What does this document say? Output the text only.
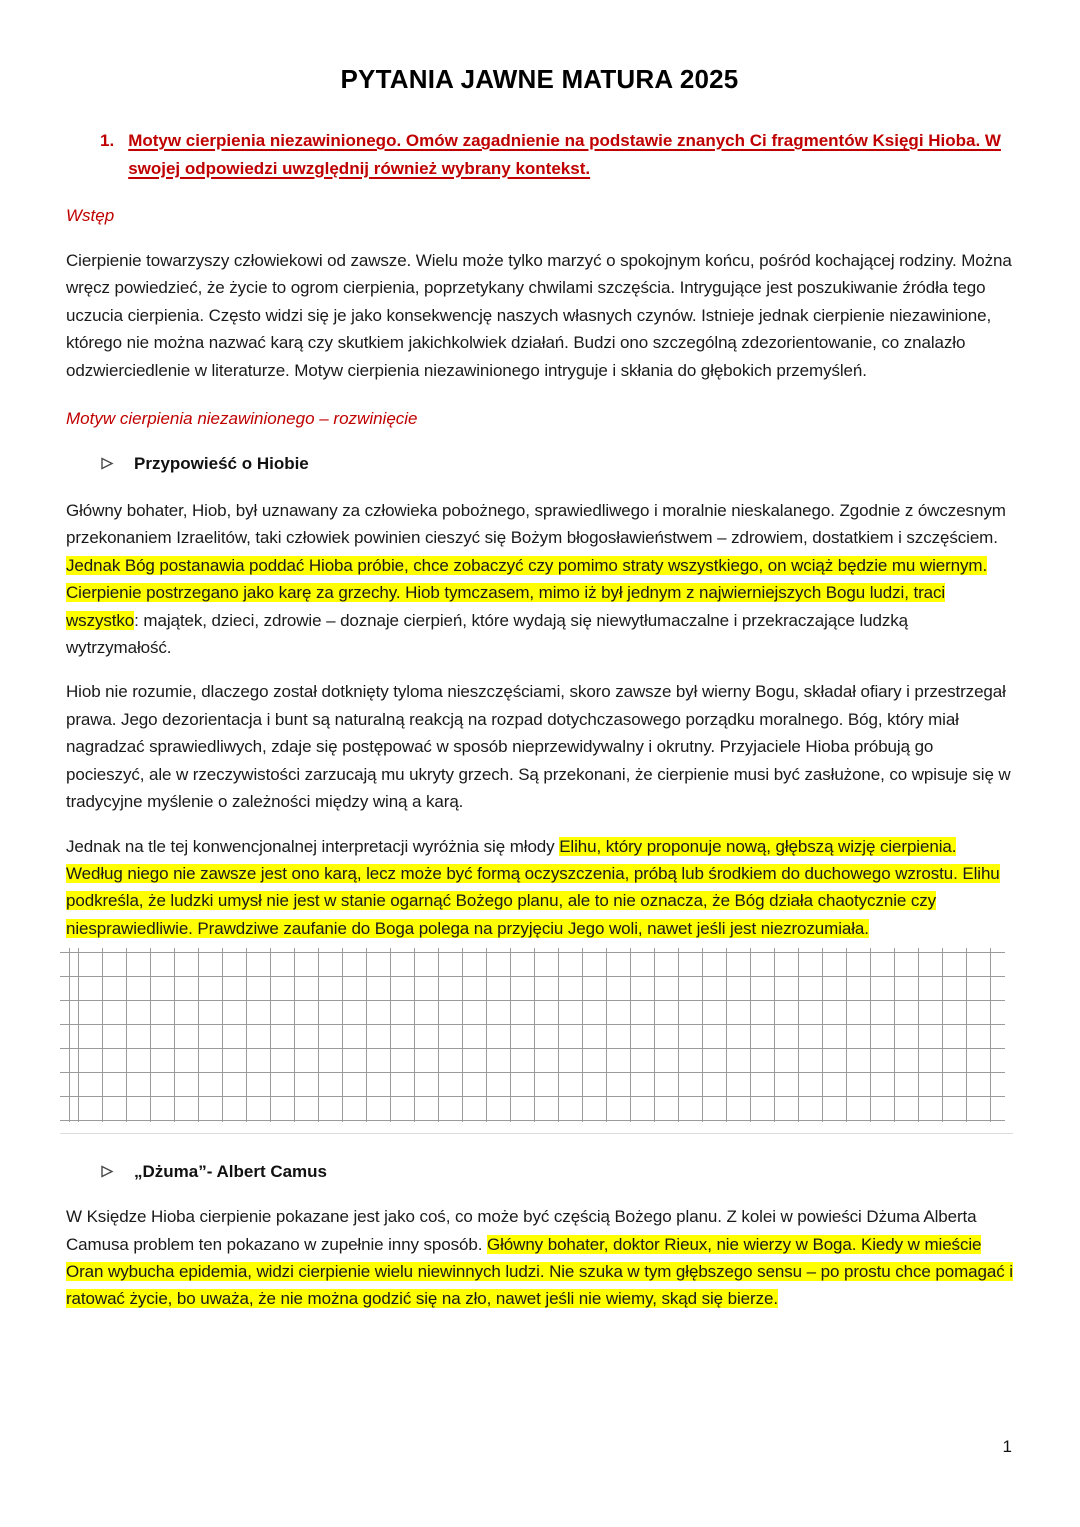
PYTANIA JAWNE MATURA 2025
1. Motyw cierpienia niezawinionego. Omów zagadnienie na podstawie znanych Ci fragmentów Księgi Hioba. W swojej odpowiedzi uwzględnij również wybrany kontekst.
Wstęp

Cierpienie towarzyszy człowiekowi od zawsze. Wielu może tylko marzyć o spokojnym końcu, pośród kochającej rodziny. Można wręcz powiedzieć, że życie to ogrom cierpienia, poprzetykany chwilami szczęścia. Intrygujące jest poszukiwanie źródła tego uczucia cierpienia. Często widzi się je jako konsekwencję naszych własnych czynów. Istnieje jednak cierpienie niezawinione, którego nie można nazwać karą czy skutkiem jakichkolwiek działań. Budzi ono szczególną zdezorientowanie, co znalazło odzwierciedlenie w literaturze. Motyw cierpienia niezawinionego intryguje i skłania do głębokich przemyśleń.

Motyw cierpienia niezawinionego – rozwinięcie
Przypowieść o Hiobie

Główny bohater, Hiob, był uznawany za człowieka pobożnego, sprawiedliwego i moralnie nieskalanego. Zgodnie z ówczesnym przekonaniem Izraelitów, taki człowiek powinien cieszyć się Bożym błogosławieństwem – zdrowiem, dostatkiem i szczęściem. Jednak Bóg postanawia poddać Hioba próbie, chce zobaczyć czy pomimo straty wszystkiego, on wciąż będzie mu wiernym. Cierpienie postrzegano jako karę za grzechy. Hiob tymczasem, mimo iż był jednym z najwierniejszych Bogu ludzi, traci wszystko: majątek, dzieci, zdrowie – doznaje cierpień, które wydają się niewytłumaczalne i przekraczające ludzką wytrzymałość.

Hiob nie rozumie, dlaczego został dotknięty tyloma nieszczęściami, skoro zawsze był wierny Bogu, składał ofiary i przestrzegał prawa. Jego dezorientacja i bunt są naturalną reakcją na rozpad dotychczasowego porządku moralnego. Bóg, który miał nagradzać sprawiedliwych, zdaje się postępować w sposób nieprzewidywalny i okrutny. Przyjaciele Hioba próbują go pocieszyć, ale w rzeczywistości zarzucają mu ukryty grzech. Są przekonani, że cierpienie musi być zasłużone, co wpisuje się w tradycyjne myślenie o zależności między winą a karą.

Jednak na tle tej konwencjonalnej interpretacji wyróżnia się młody Elihu, który proponuje nową, głębszą wizję cierpienia. Według niego nie zawsze jest ono karą, lecz może być formą oczyszczenia, próbą lub środkiem do duchowego wzrostu. Elihu podkreśla, że ludzki umysł nie jest w stanie ogarnąć Bożego planu, ale to nie oznacza, że Bóg działa chaotycznie czy niesprawiedliwie. Prawdziwe zaufanie do Boga polega na przyjęciu Jego woli, nawet jeśli jest niezrozumiała.

„Dżuma”- Albert Camus

W Księdze Hioba cierpienie pokazane jest jako coś, co może być częścią Bożego planu. Z kolei w powieści Dżuma Alberta Camusa problem ten pokazano w zupełnie inny sposób. Główny bohater, doktor Rieux, nie wierzy w Boga. Kiedy w mieście Oran wybucha epidemia, widzi cierpienie wielu niewinnych ludzi. Nie szuka w tym głębszego sensu – po prostu chce pomagać i ratować życie, bo uważa, że nie można godzić się na zło, nawet jeśli nie wiemy, skąd się bierze.

1
